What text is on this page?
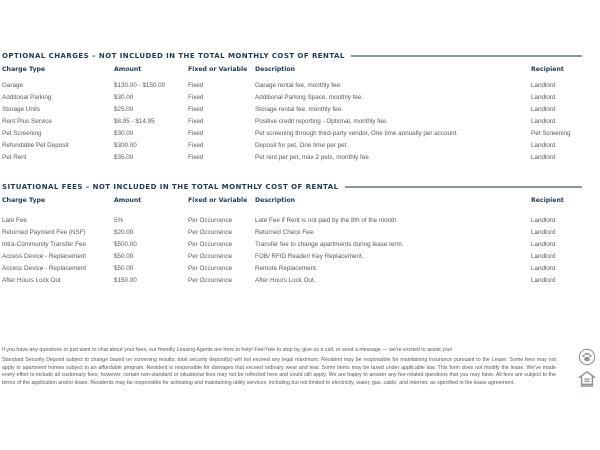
OPTIONAL CHARGES – NOT INCLUDED IN THE TOTAL MONTHLY COST OF RENTAL
Charge Type	Amount	Fixed or Variable	Description	Recipient

Garage	$130.00 - $150.00	Fixed	Garage rental fee, monthly fee.	Landlord
Additonal Parking	$30.00	Fixed	Additional Parking Space, monthly fee.	Landlord
Storage Units	$25.00	Fixed	Storage rental fee, monthly fee.	Landlord
Rent Plus Service	$8.95 - $14.95	Fixed	Positive credit reporting - Optional, monthly fee.	Landlord
Pet Screening	$30.00	Fixed	Pet screening through third-party vendor, One time annually per account.	Pet Screening
Refundable Pet Deposit	$300.00	Fixed	Deposit for pet, One time per pet.	Landlord
Pet Rent	$35.00	Fixed	Pet rent per pet, max 2 pets, monthly fee.	Landlord
SITUATIONAL FEES – NOT INCLUDED IN THE TOTAL MONTHLY COST OF RENTAL
Charge Type	Amount	Fixed or Variable	Description	Recipient

Late Fee	5%	Per Occurrence	Late Fee if Rent is not paid by the 8th of the month.	Landlord
Returned Payment Fee (NSF)	$20.00	Per Occurrence	Returned Check Fee.	Landlord
Intra-Community Transfer Fee	$500.00	Per Occurrence	Transfer fee to change apartments during lease term.	Landlord
Access Device - Replacement	$50.00	Per Occurrence	FOB/ RFID Reader/ Key Replacement.	Landlord
Access Device - Replacement	$50.00	Per Occurrence	Remote Replacement.	Landlord
After Hours Lock Out	$150.00	Per Occurrence	After Hours Lock Out.	Landlord

If you have any questions or just want to chat about your fees, our friendly Leasing Agents are here to help! Feel free to stop by, give us a call, or send a message — we're excited to assist you!

Standard Security Deposit subject to change based on screening results; total security deposit(s) will not exceed any legal maximum. Resident may be responsible for maintaining insurance pursuant to the Lease. Some fees may not apply to apartment homes subject to an affordable program. Resident is responsible for damages that exceed ordinary wear and tear. Some items may be taxed under applicable law. This form does not modify the lease. We've made every effort to include all customary fees; however, certain non-standard or situational fees may not be reflected here and could still apply. We are happy to answer any fee-related questions that you may have. All fees are subject to the terms of the application and/or lease. Residents may be responsible for activating and maintaining utility services, including but not limited to electricity, water, gas, cable, and internet, as specified in the lease agreement.
